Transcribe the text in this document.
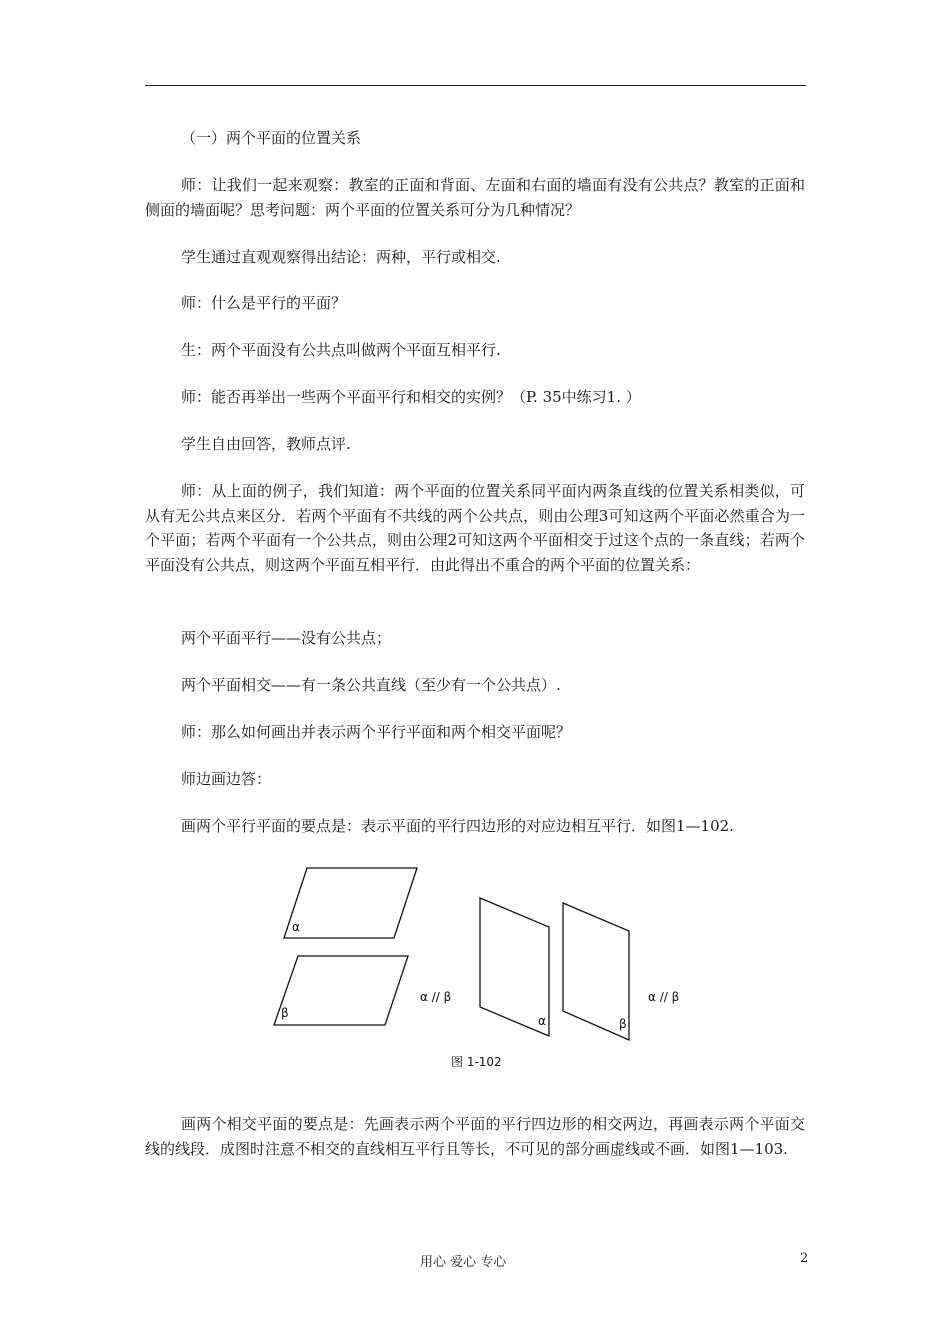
（一）两个平面的位置关系

师：让我们一起来观察：教室的正面和背面、左面和右面的墙面有没有公共点？教室的正面和侧面的墙面呢？思考问题：两个平面的位置关系可分为几种情况？

学生通过直观观察得出结论：两种，平行或相交.

师：什么是平行的平面？

生：两个平面没有公共点叫做两个平面互相平行.

师：能否再举出一些两个平面平行和相交的实例？（P. 35中练习1. ）

学生自由回答，教师点评.

师：从上面的例子，我们知道：两个平面的位置关系同平面内两条直线的位置关系相类似，可从有无公共点来区分．若两个平面有不共线的两个公共点，则由公理3可知这两个平面必然重合为一个平面；若两个平面有一个公共点，则由公理2可知这两个平面相交于过这个点的一条直线；若两个平面没有公共点，则这两个平面互相平行．由此得出不重合的两个平面的位置关系：

两个平面平行——没有公共点；

两个平面相交——有一条公共直线（至少有一个公共点）.

师：那么如何画出并表示两个平行平面和两个相交平面呢？

师边画边答：

画两个平行平面的要点是：表示平面的平行四边形的对应边相互平行．如图1—102.

α
β
α	β
α // β	α // β
图 1-102

画两个相交平面的要点是：先画表示两个平面的平行四边形的相交两边，再画表示两个平面交线的线段．成图时注意不相交的直线相互平行且等长，不可见的部分画虚线或不画．如图1—103.

用心 爱心 专心	2
